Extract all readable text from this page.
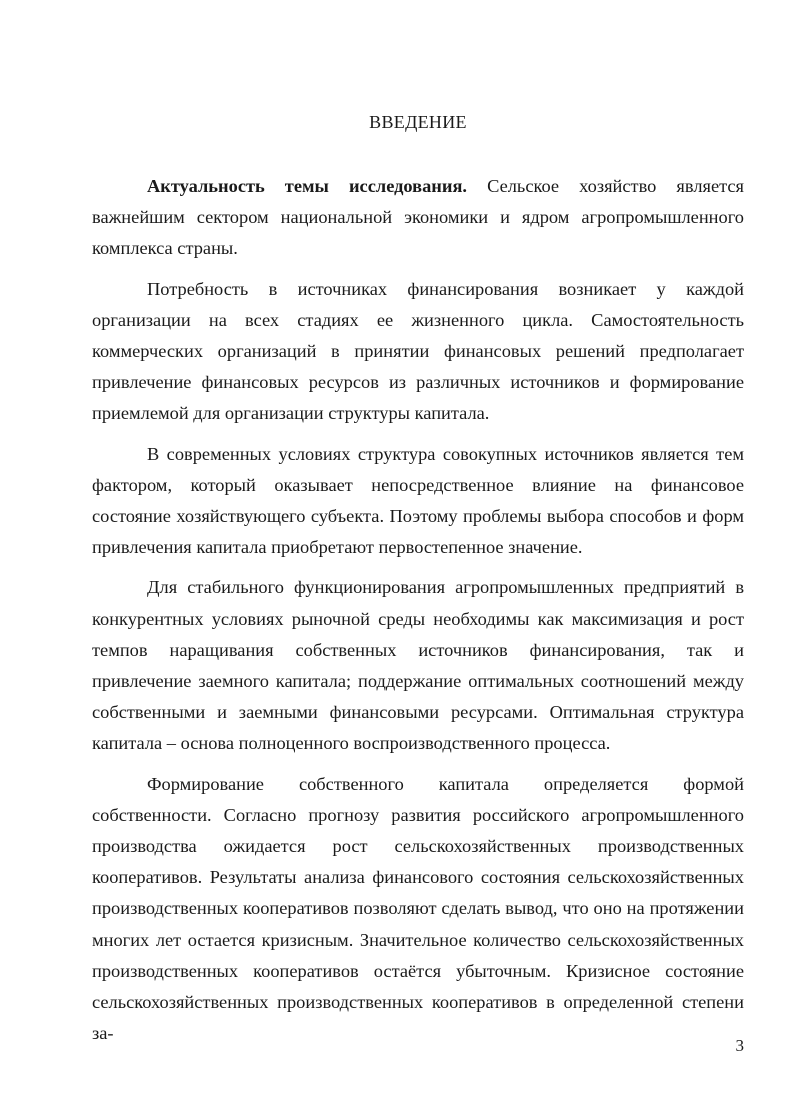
ВВЕДЕНИЕ

Актуальность темы исследования. Сельское хозяйство является важнейшим сектором национальной экономики и ядром агропромышленного комплекса страны.

Потребность в источниках финансирования возникает у каждой организации на всех стадиях ее жизненного цикла. Самостоятельность коммерческих организаций в принятии финансовых решений предполагает привлечение финансовых ресурсов из различных источников и формирование приемлемой для организации структуры капитала.

В современных условиях структура совокупных источников является тем фактором, который оказывает непосредственное влияние на финансовое состояние хозяйствующего субъекта. Поэтому проблемы выбора способов и форм привлечения капитала приобретают первостепенное значение.

Для стабильного функционирования агропромышленных предприятий в конкурентных условиях рыночной среды необходимы как максимизация и рост темпов наращивания собственных источников финансирования, так и привлечение заемного капитала; поддержание оптимальных соотношений между собственными и заемными финансовыми ресурсами. Оптимальная структура капитала – основа полноценного воспроизводственного процесса.

Формирование собственного капитала определяется формой собственности. Согласно прогнозу развития российского агропромышленного производства ожидается рост сельскохозяйственных производственных кооперативов. Результаты анализа финансового состояния сельскохозяйственных производственных кооперативов позволяют сделать вывод, что оно на протяжении многих лет остается кризисным. Значительное количество сельскохозяйственных производственных кооперативов остаётся убыточным. Кризисное состояние сельскохозяйственных производственных кооперативов в определенной степени за-

3
